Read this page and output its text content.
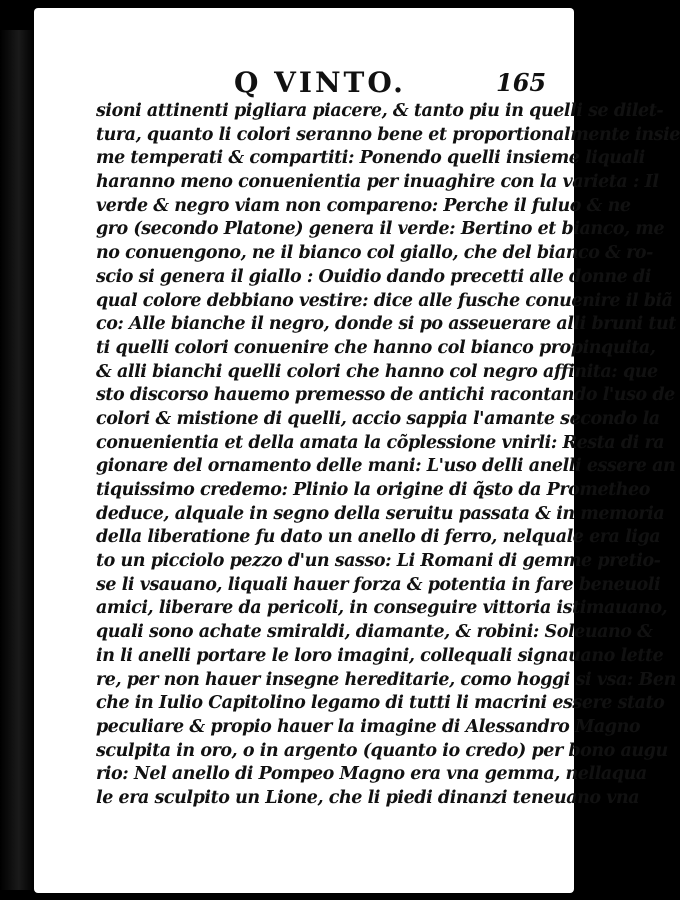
Q VINTO.	165
sioni attinenti pigliara piacere, & tanto piu in quelli se dilet-
tura, quanto li colori seranno bene et proportionalmente insie
me temperati & compartiti: Ponendo quelli insieme liquali
haranno meno conuenientia per inuaghire con la varieta : Il
verde & negro viam non compareno: Perche il fuluo & ne
gro (secondo Platone) genera il verde: Bertino et bianco, me
no conuengono, ne il bianco col giallo, che del bianco & ro-
scio si genera il giallo : Ouidio dando precetti alle donne di
qual colore debbiano vestire: dice alle fusche conuenire il biã
co: Alle bianche il negro, donde si po asseuerare alli bruni tut
ti quelli colori conuenire che hanno col bianco propinquita,
& alli bianchi quelli colori che hanno col negro affinita: que
sto discorso hauemo premesso de antichi racontando l'uso de
colori & mistione di quelli, accio sappia l'amante secondo la
conuenientia et della amata la cõplessione vnirli: Resta di ra
gionare del ornamento delle mani: L'uso delli anelli essere an
tiquissimo credemo: Plinio la origine di q̃sto da Prometheo
deduce, alquale in segno della seruitu passata & in memoria
della liberatione fu dato un anello di ferro, nelquale era liga
to un picciolo pezzo d'un sasso: Li Romani di gemme pretio-
se li vsauano, liquali hauer forza & potentia in fare beneuoli
amici, liberare da pericoli, in conseguire vittoria istimauano,
quali sono achate smiraldi, diamante, & robini: Soleuano &
in li anelli portare le loro imagini, collequali signauano lette
re, per non hauer insegne hereditarie, como hoggi si vsa: Ben
che in Iulio Capitolino legamo di tutti li macrini essere stato
peculiare & propio hauer la imagine di Alessandro Magno
sculpita in oro, o in argento (quanto io credo) per bono augu
rio: Nel anello di Pompeo Magno era vna gemma, nellaqua
le era sculpito un Lione, che li piedi dinanzi teneuano vna
